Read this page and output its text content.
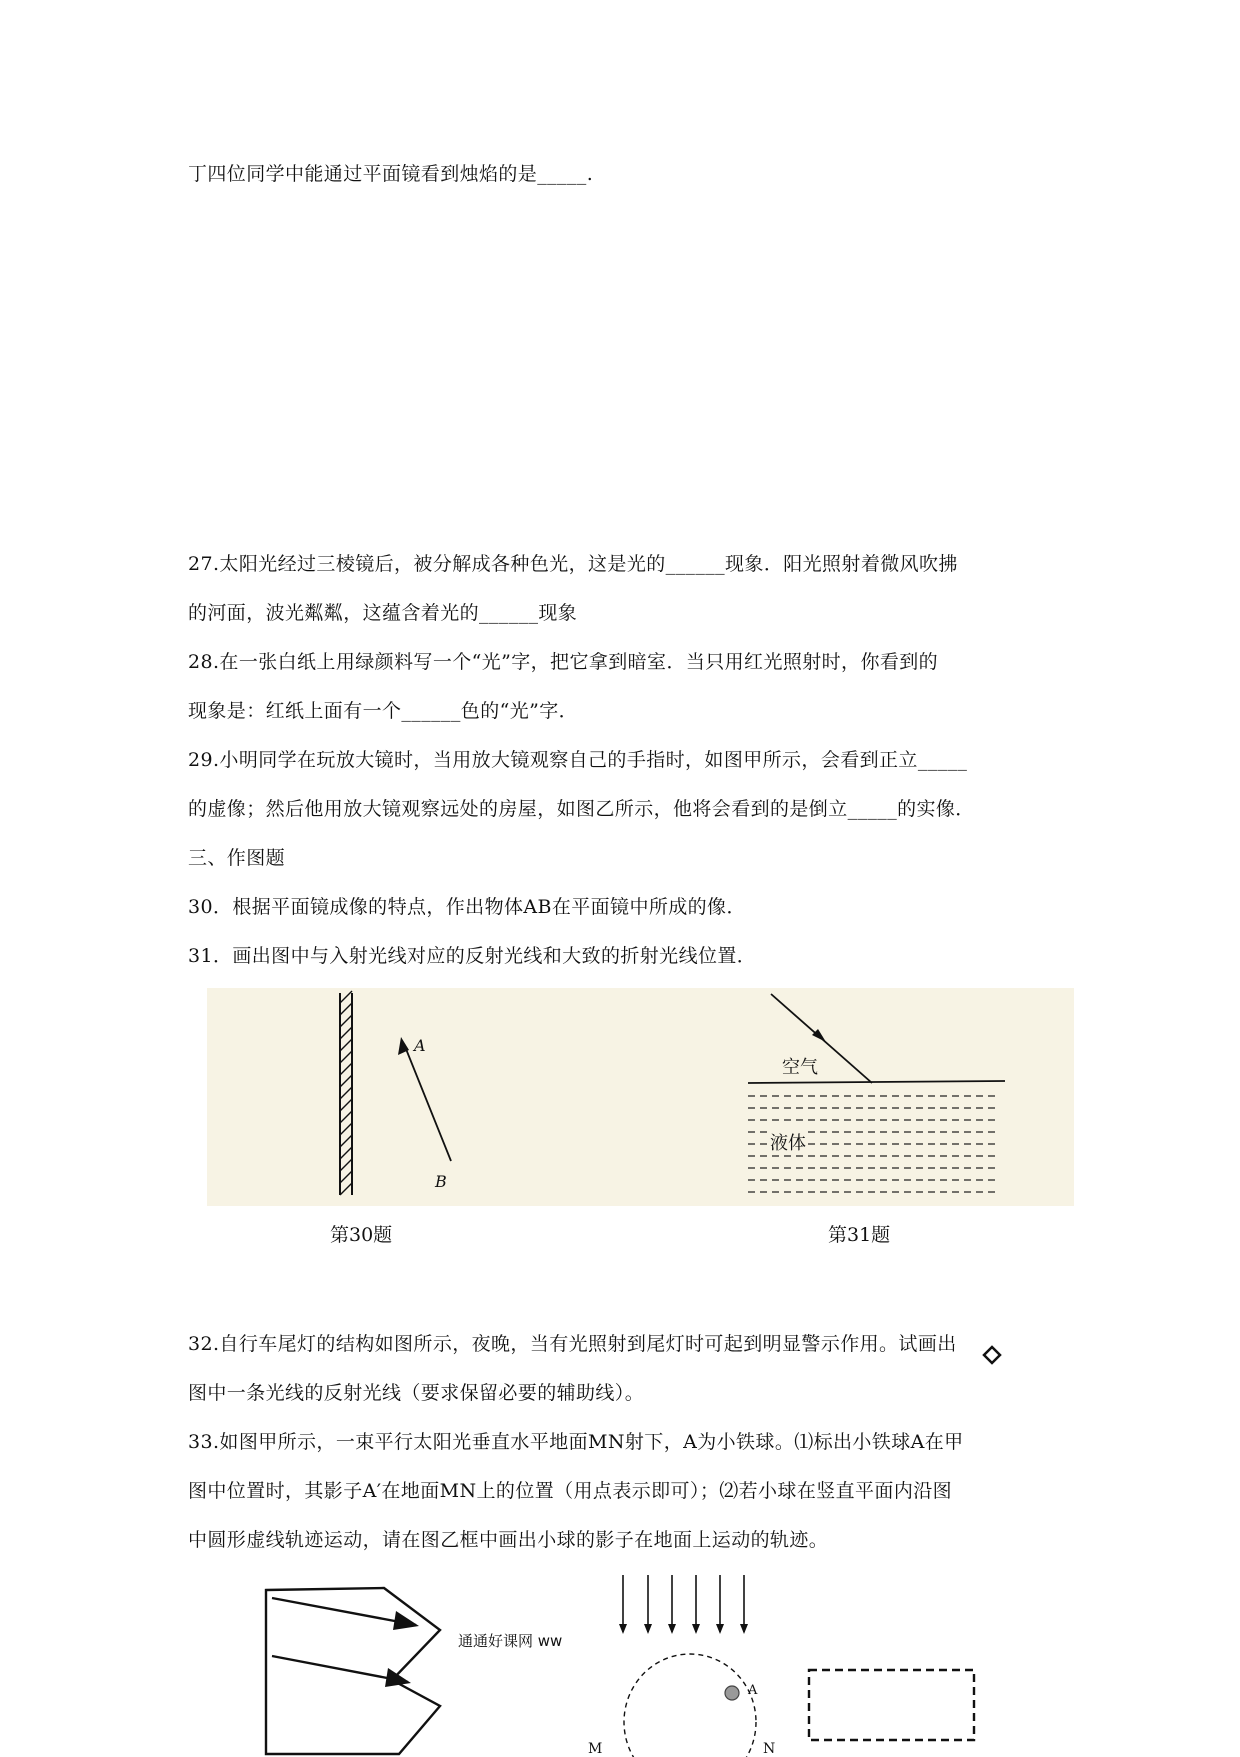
丁四位同学中能通过平面镜看到烛焰的是_____.
27.太阳光经过三棱镜后，被分解成各种色光，这是光的______现象．阳光照射着微风吹拂
的河面，波光粼粼，这蕴含着光的______现象
28.在一张白纸上用绿颜料写一个“光”字，把它拿到暗室．当只用红光照射时，你看到的
现象是：红纸上面有一个______色的“光”字．
29.小明同学在玩放大镜时，当用放大镜观察自己的手指时，如图甲所示，会看到正立_____
的虚像；然后他用放大镜观察远处的房屋，如图乙所示，他将会看到的是倒立_____的实像．
三、作图题
30．根据平面镜成像的特点，作出物体AB在平面镜中所成的像．
31．画出图中与入射光线对应的反射光线和大致的折射光线位置．
A
B
第30题
空气
液体
第31题
32.自行车尾灯的结构如图所示，夜晚，当有光照射到尾灯时可起到明显警示作用。试画出
图中一条光线的反射光线（要求保留必要的辅助线）。
33.如图甲所示，一束平行太阳光垂直水平地面MN射下，A为小铁球。⑴标出小铁球A在甲
图中位置时，其影子A′在地面MN上的位置（用点表示即可）；⑵若小球在竖直平面内沿图
中圆形虚线轨迹运动，请在图乙框中画出小球的影子在地面上运动的轨迹。
通通好课网 ww
A
M	N
